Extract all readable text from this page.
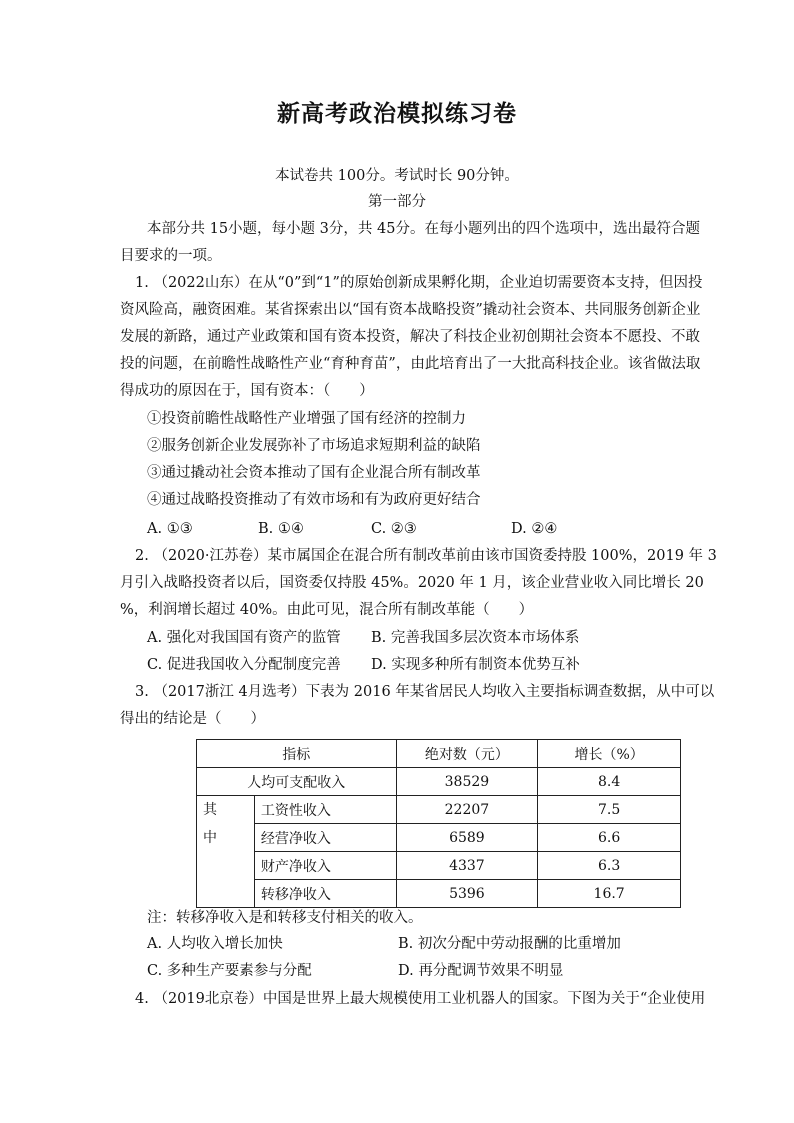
新高考政治模拟练习卷
本试卷共 100分。考试时长 90分钟。
第一部分
本部分共 15小题，每小题 3分，共 45分。在每小题列出的四个选项中，选出最符合题
目要求的一项。
1. （2022山东）在从“0”到“1”的原始创新成果孵化期，企业迫切需要资本支持，但因投
资风险高，融资困难。某省探索出以“国有资本战略投资”撬动社会资本、共同服务创新企业
发展的新路，通过产业政策和国有资本投资，解决了科技企业初创期社会资本不愿投、不敢
投的问题，在前瞻性战略性产业“育种育苗”，由此培育出了一大批高科技企业。该省做法取
得成功的原因在于，国有资本：（　　）
①投资前瞻性战略性产业增强了国有经济的控制力
②服务创新企业发展弥补了市场追求短期利益的缺陷
③通过撬动社会资本推动了国有企业混合所有制改革
④通过战略投资推动了有效市场和有为政府更好结合
A. ①③	B. ①④	C. ②③	D. ②④
2. （2020·江苏卷）某市属国企在混合所有制改革前由该市国资委持股 100%，2019 年 3
月引入战略投资者以后，国资委仅持股 45%。2020 年 1 月，该企业营业收入同比增长 20
%，利润增长超过 40%。由此可见，混合所有制改革能（　　）
A. 强化对我国国有资产的监管 B. 完善我国多层次资本市场体系
C. 促进我国收入分配制度完善 D. 实现多种所有制资本优势互补
3. （2017浙江 4月选考）下表为 2016 年某省居民人均收入主要指标调查数据，从中可以
得出的结论是（　　）
指标		绝对数（元）	增长（%）
人均可支配收入		38529	8.4
其
中	工资性收入	22207	7.5
	经营净收入	6589	6.6
	财产净收入	4337	6.3
	转移净收入	5396	16.7
注：转移净收入是和转移支付相关的收入。
A. 人均收入增长加快	B. 初次分配中劳动报酬的比重增加
C. 多种生产要素参与分配	D. 再分配调节效果不明显
4. （2019北京卷）中国是世界上最大规模使用工业机器人的国家。下图为关于“企业使用
